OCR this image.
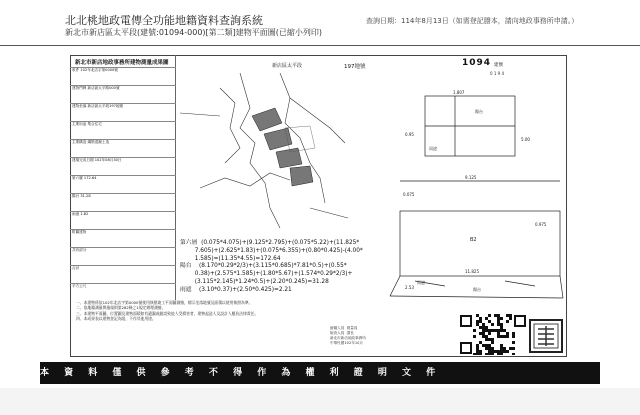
北北桃地政電傳全功能地籍資料查詢系統
新北市新店區太平段(建號:01094-000)[第二類]建物平面圖(已縮小列印)
查詢日期：114年8月13日（如需登記謄本，請向地政事務所申請。）
收件 102年北店字第0000號
建物門牌 新店區太平路000號
建物坐落 新店區太平段197地號
主要用途 集合住宅
主要構造 鋼筋混凝土造
建築完成日期 102年08月30日
第六層 172.64
陽台 31.28
雨遮 1.82
附屬建物
共有部分
合計
平方公尺
新北市新店地政事務所建物測量成果圖	新店區太平段	197地號	1094 建號
0 1 9 4
1.807
0.95
5.00
9.125
0.075
0.975
11.825
2.53
陽台
雨遮
B2
陽台
雨遮
第六層  (0.075*4.075)+(9.125*2.795)+(0.075*5.22)+(11.825*
7.605)+(2.625*1.83)+(0.075*6.355)+(0.80*0.425)-(4.00*
1.585)=(11.35*4.55)=172.64
陽台    (8.170*0.29*2/3)+(3.115*0.685)*7.81*0.5)+(0.55*
0.38)+(2.575*1.585)+(1.80*5.67)+(1.574*0.29*2/3)+
(3.115*2.145)*1.24*0.5)+(2.20*0.245)=31.28
雨遮    (3.10*0.37)+(2.50*0.425)=2.21
一、本建物係依102年北店字第0000號使用執照竣工平面圖測繪，標示坐落地號及面積以使用執照為準。
二、依地籍測量實施規則第282條之1規定辦理測繪。
三、本建物平面圖、位置圖及建物面積如有遺漏或錯誤致他人受損害者，建物起造人及設計人應負法律責任。
四、本成果表以建物登記為限，不作其他用途。
繪圖人員  測量員
檢查人員  課長
新北市新店地政事務所
中華民國102年10月
本 資 料 僅 供 參 考 不 得 作 為 權 利 證 明 文 件
